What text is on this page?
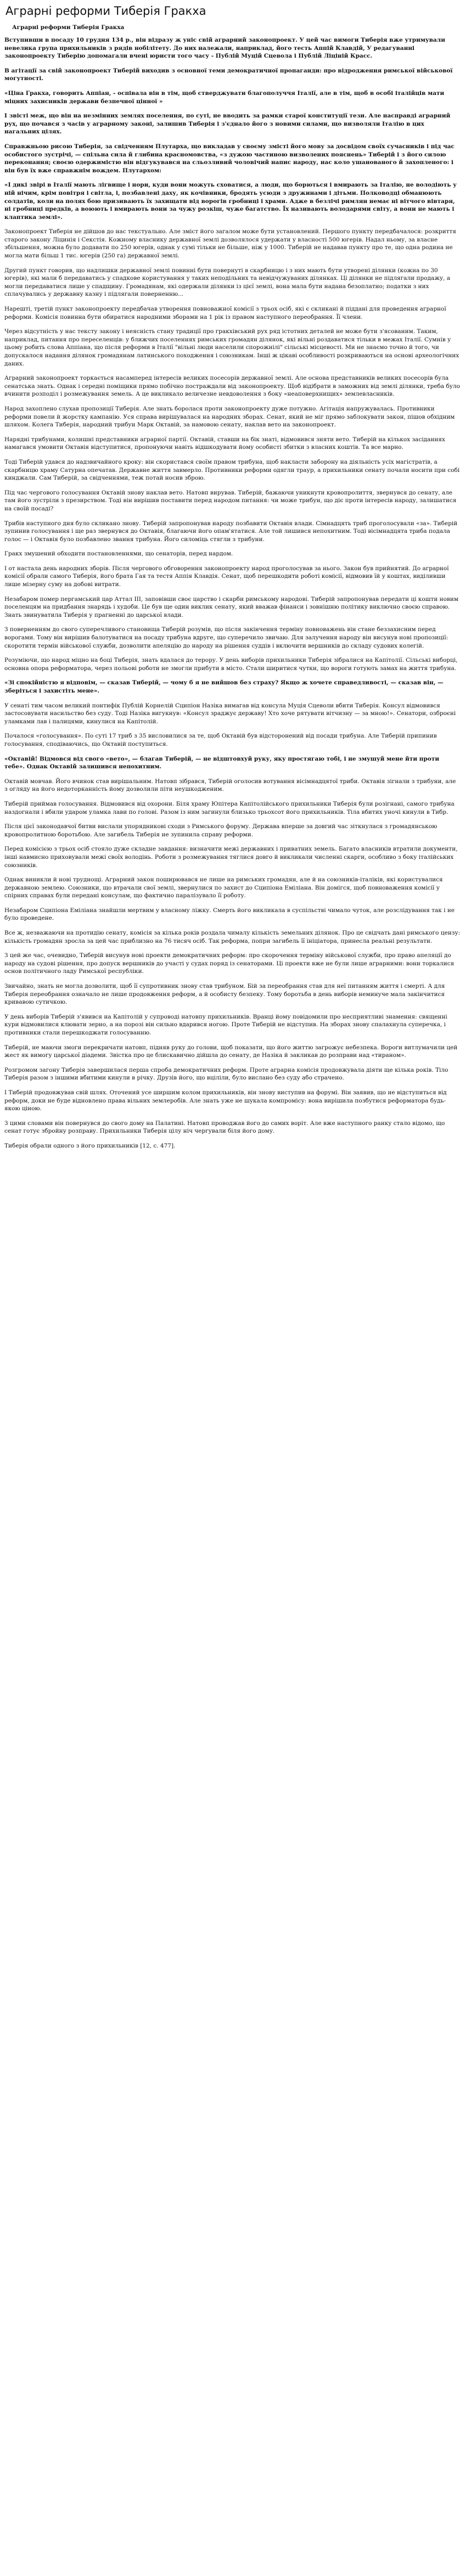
Аграрні реформи Тиберія Гракха
Аграрні реформи Тиберія Гракха

Вступивши в посаду 10 грудня 134 р., він відразу ж уніс свій аграрний законопроект. У цей час вимоги Тиберія вже утримували невелика група прихильників з рядів нобілітету. До них належали, наприклад, його тесть Аппій Клавдій, У редагуванні законопроекту Тиберію допомагали вчені юристи того часу - Публій Муцій Сцевола і Публій Ліціній Красс.

В агітації за свій законопроект Тиберій виходив з основної теми демократичної пропаганди: про відродження римської військової могутності.

«Ціна Гракха, говорить Аппіан, - оспівала він в тім, щоб стверджувати благополуччя Італії, але в тім, щоб в особі італійців мати міцних захисників держави безпечної цінної »

І звісті меж, що він на незмінних землях поселення, по суті, не вводить за рамки старої конституції тези. Але насправді аграрний рух, що почався з часів у аграрному законі, залишив Тиберія і з'єднало його з новими силами, що визволяли Італію в цих нагальних цілях.

Справжньою рисою Тиберія, за свідченням Плутарха, що викладав у своєму змісті його мову за досвідом своїх сучасників і під час особистого зустрічі, — спільна сила й глибина красномовства, «з дужою частиною визволених пояснень» Тиберій і з його силою переконання; своєю одержимістю він відгукувався на сльозливий чоловічий напис народу, нас коло ушанованого й захопленого: і він був їх вже справжнім вождем. Плутархом:

«І дикі звірі в Італії мають лігвище і нори, куди вони можуть сховатися, а люди, що борються і вмирають за Італію, не володіють у ній нічим, крім повітря і світла, і, позбавлені даху, як кочівники, бродять усюди з дружинами і дітьми. Полководці обманюють солдатів, коли на полях бою призивають їх захищати від ворогів гробниці і храми. Адже в безлічі римлян немає ні вітчого вівтаря, ні гробниці предків, а воюють і вмирають вони за чужу розкіш, чуже багатство. Їх називають володарями світу, а вони не мають і клаптика землі».

Законопроект Тиберія не дійшов до нас текстуально. Але зміст його загалом може бути установлений. Першого пункту передбачалося: розкриття старого закону Ліцинія і Секстія. Кожному власнику державної землі дозволялося удержати у власності 500 югерів. Надал ньому, за власне збільшення, можна було додавати по 250 югерів, однак у сумі тільки не більше, ніж у 1000. Тиберій не надавав пункту про те, що одна родина не могла мати більш 1 тис. югерів (250 га) державної землі.

Другий пункт говорив, що надлишки державної землі повинні бути повернуті в скарбницю і з них мають бути утворені ділянки (кожна по 30 югерів), які мали б передаватись у спадкове користування у таких неподільних та невідчужуваних ділянках. Ці ділянки не підлягали продажу, а могли передаватися лише у спадщину. Громадянам, які одержали ділянки із цієї землі, вона мала бути надана безоплатно; податки з них сплачувались у державну казну і підлягали поверненню...

Нарешті, третій пункт законопроекту передбачав утворення повноважної комісії з трьох осіб, які є скликані й піддані для проведення аграрної реформи. Комісія повинна бути обиратися народними зборами на 1 рік із правом наступного переобрання. Її члени.

Через відсутність у нас тексту закону і неясність стану традиції про гракхівський рух ряд істотних деталей не може бути з'ясованим. Таким, наприклад, питання про переселенців: у ближчих поселеннях римських громадян ділянок, які вільні роздаватися тільки в межах Італії. Сумнів у цьому робить слова Аппіана, що після реформи в Італії "вільні люди населили спорожнілі" сільські місцевості. Ми не знаємо точно й того, чи допускалося надання ділянок громадянам латинського походження і союзникам. Інші ж цікаві особливості розкриваються на основі археологічних даних.

Аграрний законопроект торкається насамперед інтересів великих посесорів державної землі. Але основа представників великих посесорів була сенатська знать. Однак і середні поміщики прямо побічно постраждали від законопроекту. Щоб відібрати в заможних від землі ділянки, треба було вчинити розподіл і розмежування земель. А це викликало величезне невдоволення з боку «неаповерхнищих» землевласників.

Народ захоплено слухав пропозиції Тиберія. Але знать боролася проти законопроекту дуже потужно. Агітація напружувалась. Противники реформи повели й жорстку кампанію. Уся справа вирішувалася на народних зборах. Сенат, який не міг прямо заблокувати закон, пішов обхідним шляхом. Колега Тиберія, народний трибун Марк Октавій, за намовою сенату, наклав вето на законопроект.

Нарядні трибунами, колишні представники аграрної партії. Октавій, ставши на бік знаті, відмовився зняти вето. Тиберій на кількох засіданнях намагався умовити Октавія відступитися, пропонуючи навіть відшкодувати йому особисті збитки з власних коштів. Та все марно.

Тоді Тиберій удався до надзвичайного кроку: він скористався своїм правом трибуна, щоб накласти заборону на діяльність усіх магістратів, а скарбницю храму Сатурна опечатав. Державне життя завмерло. Противники реформи одягли траур, а прихильники сенату почали носити при собі кинджали. Сам Тиберій, за свідченнями, теж потай носив зброю.

Під час чергового голосування Октавій знову наклав вето. Натовп вирував. Тиберій, бажаючи уникнути кровопролиття, звернувся до сенату, але там його зустріли з презирством. Тоді він вирішив поставити перед народом питання: чи може трибун, що діє проти інтересів народу, залишатися на своїй посаді?

Трибів наступного дня було скликано знову. Тиберій запропонував народу позбавити Октавія влади. Сімнадцять триб проголосували «за». Тиберій зупинив голосування і ще раз звернувся до Октавія, благаючи його опам'ятатися. Але той лишився непохитним. Тоді вісімнадцята триба подала голос — і Октавія було позбавлено звання трибуна. Його силоміць стягли з трибуни.

Гракх змушений обходити постановленнями, що сенаторів, перед нардом.

І от настала день народних зборів. Після чергового обговорення законопроекту народ проголосував за нього. Закон був прийнятий. До аграрної комісії обрали самого Тиберія, його брата Гая та тестя Аппія Клавдія. Сенат, щоб перешкодити роботі комісії, відмовив їй у коштах, виділивши лише мізерну суму на добові витрати.

Незабаром помер пергамський цар Аттал III, заповівши своє царство і скарби римському народові. Тиберій запропонував передати ці кошти новим поселенцям на придбання знарядь і худоби. Це був ще один виклик сенату, який вважав фінанси і зовнішню політику виключно своєю справою. Знать звинуватила Тиберія у прагненні до царської влади.

З поверненням до свого суперечливого становища Тиберій розумів, що після закінчення терміну повноважень він стане беззахисним перед ворогами. Тому він вирішив балотуватися на посаду трибуна вдруге, що суперечило звичаю. Для залучення народу він висунув нові пропозиції: скоротити термін військової служби, дозволити апеляцію до народу на рішення суддів і включити вершників до складу судових колегій.

Розуміючи, що народ міцно на боці Тиберія, знать вдалася до терору. У день виборів прихильники Тиберія зібралися на Капітолії. Сільські виборці, основна опора реформатора, через польові роботи не змогли прибути в місто. Стали ширитися чутки, що вороги готують замах на життя трибуна.

«Зі спокійністю я відповім, — сказав Тиберій, — чому б я не вийшов без страху? Якщо ж хочете справедливості, — сказав він, — зберіться і захистіть мене».

У сенаті тим часом великий понтифік Публій Корнелій Сципіон Назіка вимагав від консула Муція Сцеволи вбити Тиберія. Консул відмовився застосовувати насильство без суду. Тоді Назіка вигукнув: «Консул зраджує державу! Хто хоче рятувати вітчизну — за мною!». Сенатори, озброєні уламками лав і палицями, кинулися на Капітолій.

Почалося «голосування». По суті 17 триб з 35 висловилися за те, щоб Октавій був відсторонений від посади трибуна. Але Тиберій припинив голосування, сподіваючись, що Октавій поступиться.

«Октавій! Відмовся від свого «вето», — благав Тиберій, — не відштовхуй руку, яку простягаю тобі, і не змушуй мене йти проти тебе». Однак Октавій залишився непохитним.

Октавій мовчав. Його вчинок став вирішальним. Натовп зібрався, Тиберій оголосив вотування вісімнадцятої триби. Октавія зігнали з трибуни, але з огляду на його недоторканність йому дозволили піти неушкодженим.

Тиберій приймав голосування. Відмовився від охорони. Біля храму Юпітера Капітолійського прихильники Тиберія були розігнані, самого трибуна наздогнали і вбили ударом уламка лави по голові. Разом із ним загинули близько трьохсот його прихильників. Тіла вбитих уночі кинули в Тибр.

Після цієї законодавчої битви вислали упорядникові сходи з Римського форуму. Держава вперше за довгий час зіткнулася з громадянською кровопролитною боротьбою. Але загибель Тиберія не зупинила справу реформи.

Перед комісією з трьох осіб стояло дуже складне завдання: визначити межі державних і приватних земель. Багато власників втратили документи, інші навмисно приховували межі своїх володінь. Роботи з розмежування тяглися довго й викликали численні скарги, особливо з боку італійських союзників.

Однак виникли й нові труднощі. Аграрний закон поширювався не лише на римських громадян, але й на союзників-італіків, які користувалися державною землею. Союзники, що втрачали свої землі, звернулися по захист до Сципіона Еміліана. Він домігся, щоб повноваження комісії у спірних справах були передані консулам, що фактично паралізувало її роботу.

Незабаром Сципіона Еміліана знайшли мертвим у власному ліжку. Смерть його викликала в суспільстві чимало чуток, але розслідування так і не було проведене.

Все ж, незважаючи на протидію сенату, комісія за кілька років роздала чималу кількість земельних ділянок. Про це свідчать дані римського цензу: кількість громадян зросла за цей час приблизно на 76 тисяч осіб. Так реформа, попри загибель її ініціатора, принесла реальні результати.

З цей же час, очевидно, Тиберій висунув нові проекти демократичних реформ: про скорочення терміну військової служби, про право апеляції до народу на судові рішення, про допуск вершників до участі у судах поряд із сенаторами. Ці проекти вже не були лише аграрними: вони торкалися основ політичного ладу Римської республіки.

Звичайно, знать не могла дозволити, щоб її супротивник знову став трибуном. Бій за переобрання став для неї питанням життя і смерті. А для Тиберія переобрання означало не лише продовження реформ, а й особисту безпеку. Тому боротьба в день виборів неминуче мала закінчитися кривавою сутичкою.

У день виборів Тиберій з'явився на Капітолій у супроводі натовпу прихильників. Вранці йому повідомили про несприятливі знамення: священні кури відмовилися клювати зерно, а на порозі він сильно вдарився ногою. Проте Тиберій не відступив. На зборах знову спалахнула суперечка, і противники стали перешкоджати голосуванню.

Тиберій, не маючи змоги перекричати натовп, підняв руку до голови, щоб показати, що його життю загрожує небезпека. Вороги витлумачили цей жест як вимогу царської діадеми. Звістка про це блискавично дійшла до сенату, де Назіка й закликав до розправи над «тираном».

Розгромом загону Тиберія завершилася перша спроба демократичних реформ. Проте аграрна комісія продовжувала діяти ще кілька років. Тіло Тиберія разом з іншими вбитими кинули в річку. Друзів його, що вціліли, було вислано без суду або страчено.

І Тиберій продовжував свій шлях. Оточений усе ширшим колом прихильників, він знову виступив на форумі. Він заявив, що не відступиться від реформ, доки не буде відновлено права вільних землеробів. Але знать уже не шукала компромісу: вона вирішила позбутися реформатора будь-якою ціною.

З цими словами він повернувся до свого дому на Палатині. Натовп проводжав його до самих воріт. Але вже наступного ранку стало відомо, що сенат готує збройну розправу. Прихильники Тиберія цілу ніч чергували біля його дому.

Тиберія обрали одного з його прихильників [12, c. 477].
